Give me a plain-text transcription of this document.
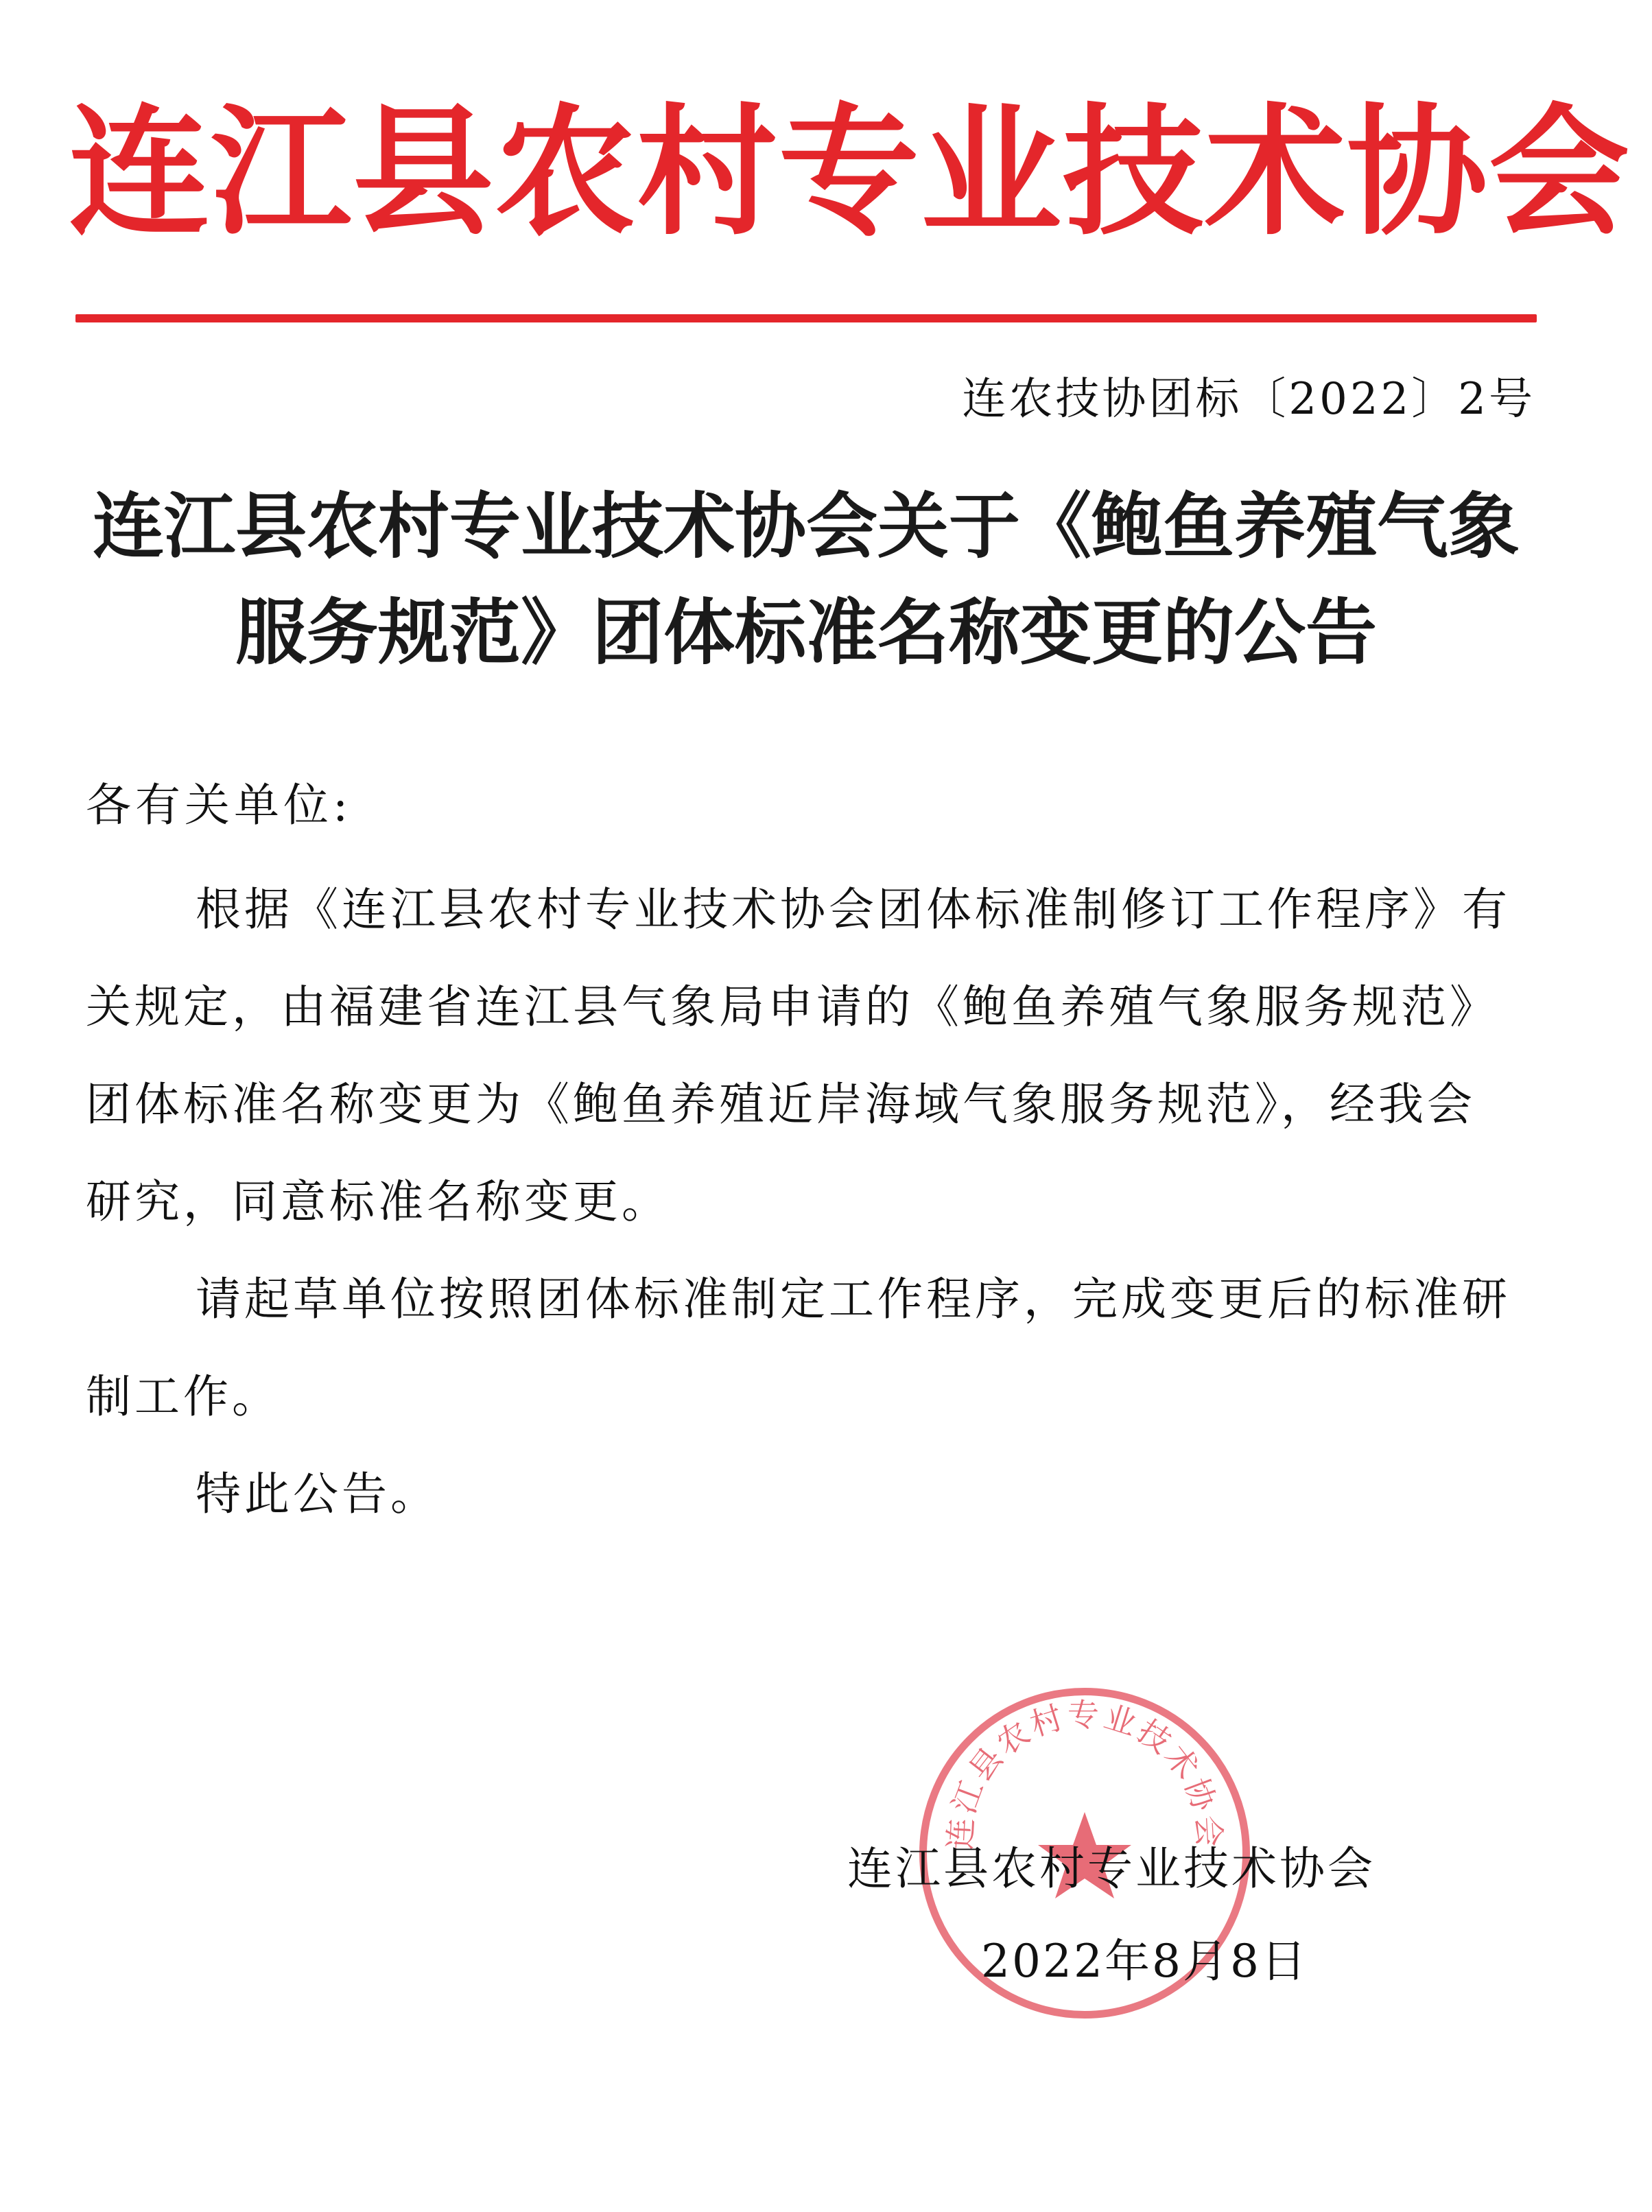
连江县农村专业技术协会
连农技协团标〔2022〕2号
连江县农村专业技术协会关于《鲍鱼养殖气象服务规范》团体标准名称变更的公告
各有关单位:

根据《连江县农村专业技术协会团体标准制修订工作程序》有关规定，由福建省连江县气象局申请的《鲍鱼养殖气象服务规范》团体标准名称变更为《鲍鱼养殖近岸海域气象服务规范》，经我会研究，同意标准名称变更。

请起草单位按照团体标准制定工作程序，完成变更后的标准研制工作。

特此公告。

连江县农村专业技术协会
连江县农村专业技术协会
2022年8月8日
